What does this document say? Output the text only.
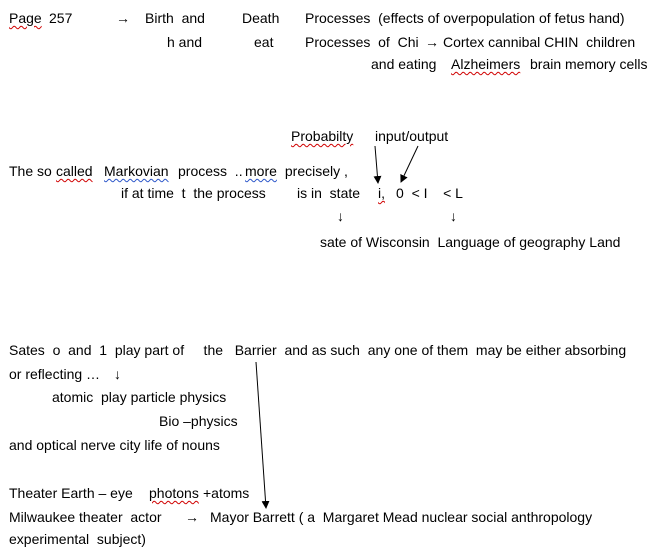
Page 257	→ Birth  and	Death Processes  (effects of overpopulation of fetus hand)
h and	eat Processes  of  Chi → Cortex cannibal CHIN  children
and eating Alzheimers brain memory cells
Probabilty input/output
The so called Markovian process  .. more precisely ,
if at time  t  the process is in  state i, 0  < I    < L
↓	↓
sate of Wisconsin  Language of geography Land
Sates  o  and  1  play part of     the   Barrier  and as such  any one of them  may be either absorbing
or reflecting … ↓
atomic  play particle physics
Bio –physics
and optical nerve city life of nouns
Theater Earth – eye photons +atoms
Milwaukee theater  actor → Mayor Barrett ( a  Margaret Mead nuclear social anthropology
experimental  subject)
